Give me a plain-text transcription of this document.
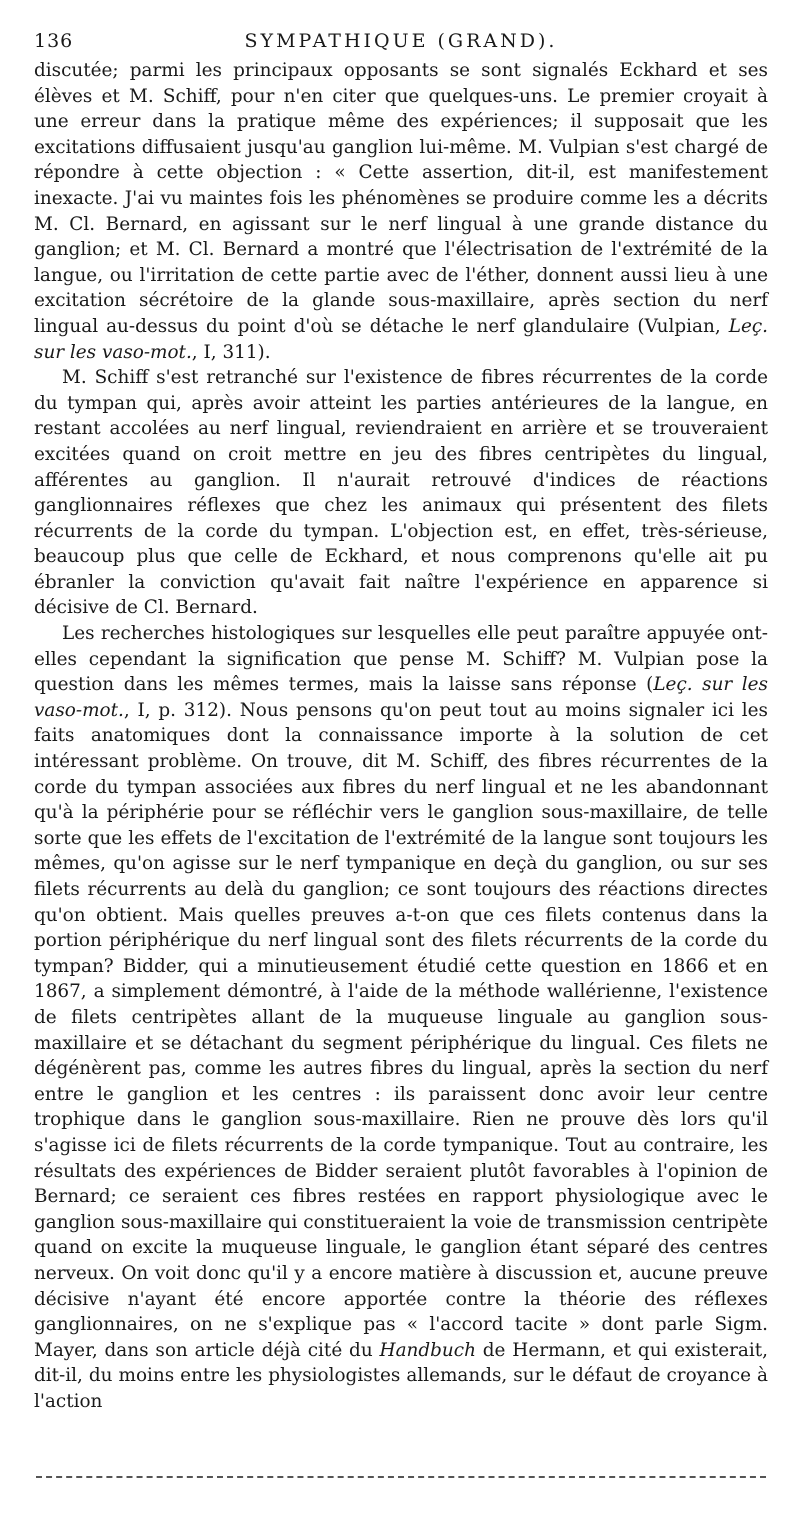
136	SYMPATHIQUE (GRAND).

discutée; parmi les principaux opposants se sont signalés Eckhard et ses élèves et M. Schiff, pour n'en citer que quelques-uns. Le premier croyait à une erreur dans la pratique même des expériences; il supposait que les excitations diffusaient jusqu'au ganglion lui-même. M. Vulpian s'est chargé de répondre à cette objection : « Cette assertion, dit-il, est manifestement inexacte. J'ai vu maintes fois les phénomènes se produire comme les a décrits M. Cl. Bernard, en agissant sur le nerf lingual à une grande distance du ganglion; et M. Cl. Bernard a montré que l'électrisation de l'extrémité de la langue, ou l'irritation de cette partie avec de l'éther, donnent aussi lieu à une excitation sécrétoire de la glande sous-maxillaire, après section du nerf lingual au-dessus du point d'où se détache le nerf glandulaire (Vulpian, Leç. sur les vaso-mot., I, 311).

M. Schiff s'est retranché sur l'existence de fibres récurrentes de la corde du tympan qui, après avoir atteint les parties antérieures de la langue, en restant accolées au nerf lingual, reviendraient en arrière et se trouveraient excitées quand on croit mettre en jeu des fibres centripètes du lingual, afférentes au ganglion. Il n'aurait retrouvé d'indices de réactions ganglionnaires réflexes que chez les animaux qui présentent des filets récurrents de la corde du tympan. L'objection est, en effet, très-sérieuse, beaucoup plus que celle de Eckhard, et nous comprenons qu'elle ait pu ébranler la conviction qu'avait fait naître l'expérience en apparence si décisive de Cl. Bernard.

Les recherches histologiques sur lesquelles elle peut paraître appuyée ont-elles cependant la signification que pense M. Schiff? M. Vulpian pose la question dans les mêmes termes, mais la laisse sans réponse (Leç. sur les vaso-mot., I, p. 312). Nous pensons qu'on peut tout au moins signaler ici les faits anatomiques dont la connaissance importe à la solution de cet intéressant problème. On trouve, dit M. Schiff, des fibres récurrentes de la corde du tympan associées aux fibres du nerf lingual et ne les abandonnant qu'à la périphérie pour se réfléchir vers le ganglion sous-maxillaire, de telle sorte que les effets de l'excitation de l'extrémité de la langue sont toujours les mêmes, qu'on agisse sur le nerf tympanique en deçà du ganglion, ou sur ses filets récurrents au delà du ganglion; ce sont toujours des réactions directes qu'on obtient. Mais quelles preuves a-t-on que ces filets contenus dans la portion périphérique du nerf lingual sont des filets récurrents de la corde du tympan? Bidder, qui a minutieusement étudié cette question en 1866 et en 1867, a simplement démontré, à l'aide de la méthode wallérienne, l'existence de filets centripètes allant de la muqueuse linguale au ganglion sous-maxillaire et se détachant du segment périphérique du lingual. Ces filets ne dégénèrent pas, comme les autres fibres du lingual, après la section du nerf entre le ganglion et les centres : ils paraissent donc avoir leur centre trophique dans le ganglion sous-maxillaire. Rien ne prouve dès lors qu'il s'agisse ici de filets récurrents de la corde tympanique. Tout au contraire, les résultats des expériences de Bidder seraient plutôt favorables à l'opinion de Bernard; ce seraient ces fibres restées en rapport physiologique avec le ganglion sous-maxillaire qui constitueraient la voie de transmission centripète quand on excite la muqueuse linguale, le ganglion étant séparé des centres nerveux. On voit donc qu'il y a encore matière à discussion et, aucune preuve décisive n'ayant été encore apportée contre la théorie des réflexes ganglionnaires, on ne s'explique pas « l'accord tacite » dont parle Sigm. Mayer, dans son article déjà cité du Handbuch de Hermann, et qui existerait, dit-il, du moins entre les physiologistes allemands, sur le défaut de croyance à l'action
